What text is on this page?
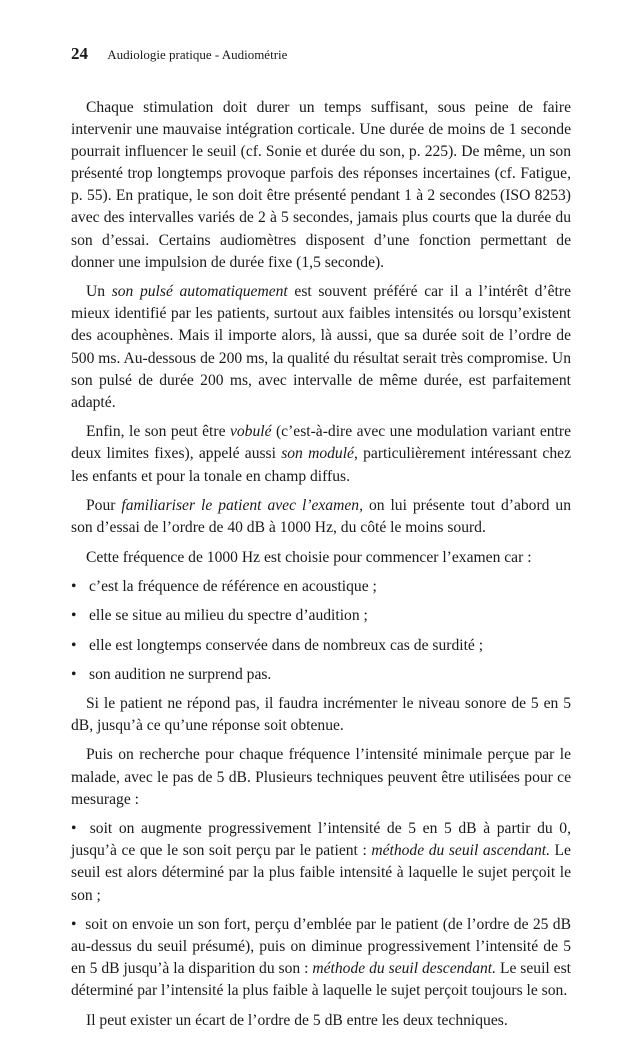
24 Audiologie pratique - Audiométrie

Chaque stimulation doit durer un temps suffisant, sous peine de faire intervenir une mauvaise intégration corticale. Une durée de moins de 1 seconde pourrait influencer le seuil (cf. Sonie et durée du son, p. 225). De même, un son présenté trop longtemps provoque parfois des réponses incertaines (cf. Fatigue, p. 55). En pratique, le son doit être présenté pendant 1 à 2 secondes (ISO 8253) avec des intervalles variés de 2 à 5 secondes, jamais plus courts que la durée du son d’essai. Certains audiomètres disposent d’une fonction permettant de donner une impulsion de durée fixe (1,5 seconde).

Un son pulsé automatiquement est souvent préféré car il a l’intérêt d’être mieux identifié par les patients, surtout aux faibles intensités ou lorsqu’existent des acouphènes. Mais il importe alors, là aussi, que sa durée soit de l’ordre de 500 ms. Au-dessous de 200 ms, la qualité du résultat serait très compromise. Un son pulsé de durée 200 ms, avec intervalle de même durée, est parfaitement adapté.

Enfin, le son peut être vobulé (c’est-à-dire avec une modulation variant entre deux limites fixes), appelé aussi son modulé, particulièrement intéressant chez les enfants et pour la tonale en champ diffus.

Pour familiariser le patient avec l’examen, on lui présente tout d’abord un son d’essai de l’ordre de 40 dB à 1000 Hz, du côté le moins sourd.

Cette fréquence de 1000 Hz est choisie pour commencer l’examen car :

• c’est la fréquence de référence en acoustique ;

• elle se situe au milieu du spectre d’audition ;

• elle est longtemps conservée dans de nombreux cas de surdité ;

• son audition ne surprend pas.

Si le patient ne répond pas, il faudra incrémenter le niveau sonore de 5 en 5 dB, jusqu’à ce qu’une réponse soit obtenue.

Puis on recherche pour chaque fréquence l’intensité minimale perçue par le malade, avec le pas de 5 dB. Plusieurs techniques peuvent être utilisées pour ce mesurage :

• soit on augmente progressivement l’intensité de 5 en 5 dB à partir du 0, jusqu’à ce que le son soit perçu par le patient : méthode du seuil ascendant. Le seuil est alors déterminé par la plus faible intensité à laquelle le sujet perçoit le son ;

• soit on envoie un son fort, perçu d’emblée par le patient (de l’ordre de 25 dB au-dessus du seuil présumé), puis on diminue progressivement l’intensité de 5 en 5 dB jusqu’à la disparition du son : méthode du seuil descendant. Le seuil est déterminé par l’intensité la plus faible à laquelle le sujet perçoit toujours le son.

Il peut exister un écart de l’ordre de 5 dB entre les deux techniques.
